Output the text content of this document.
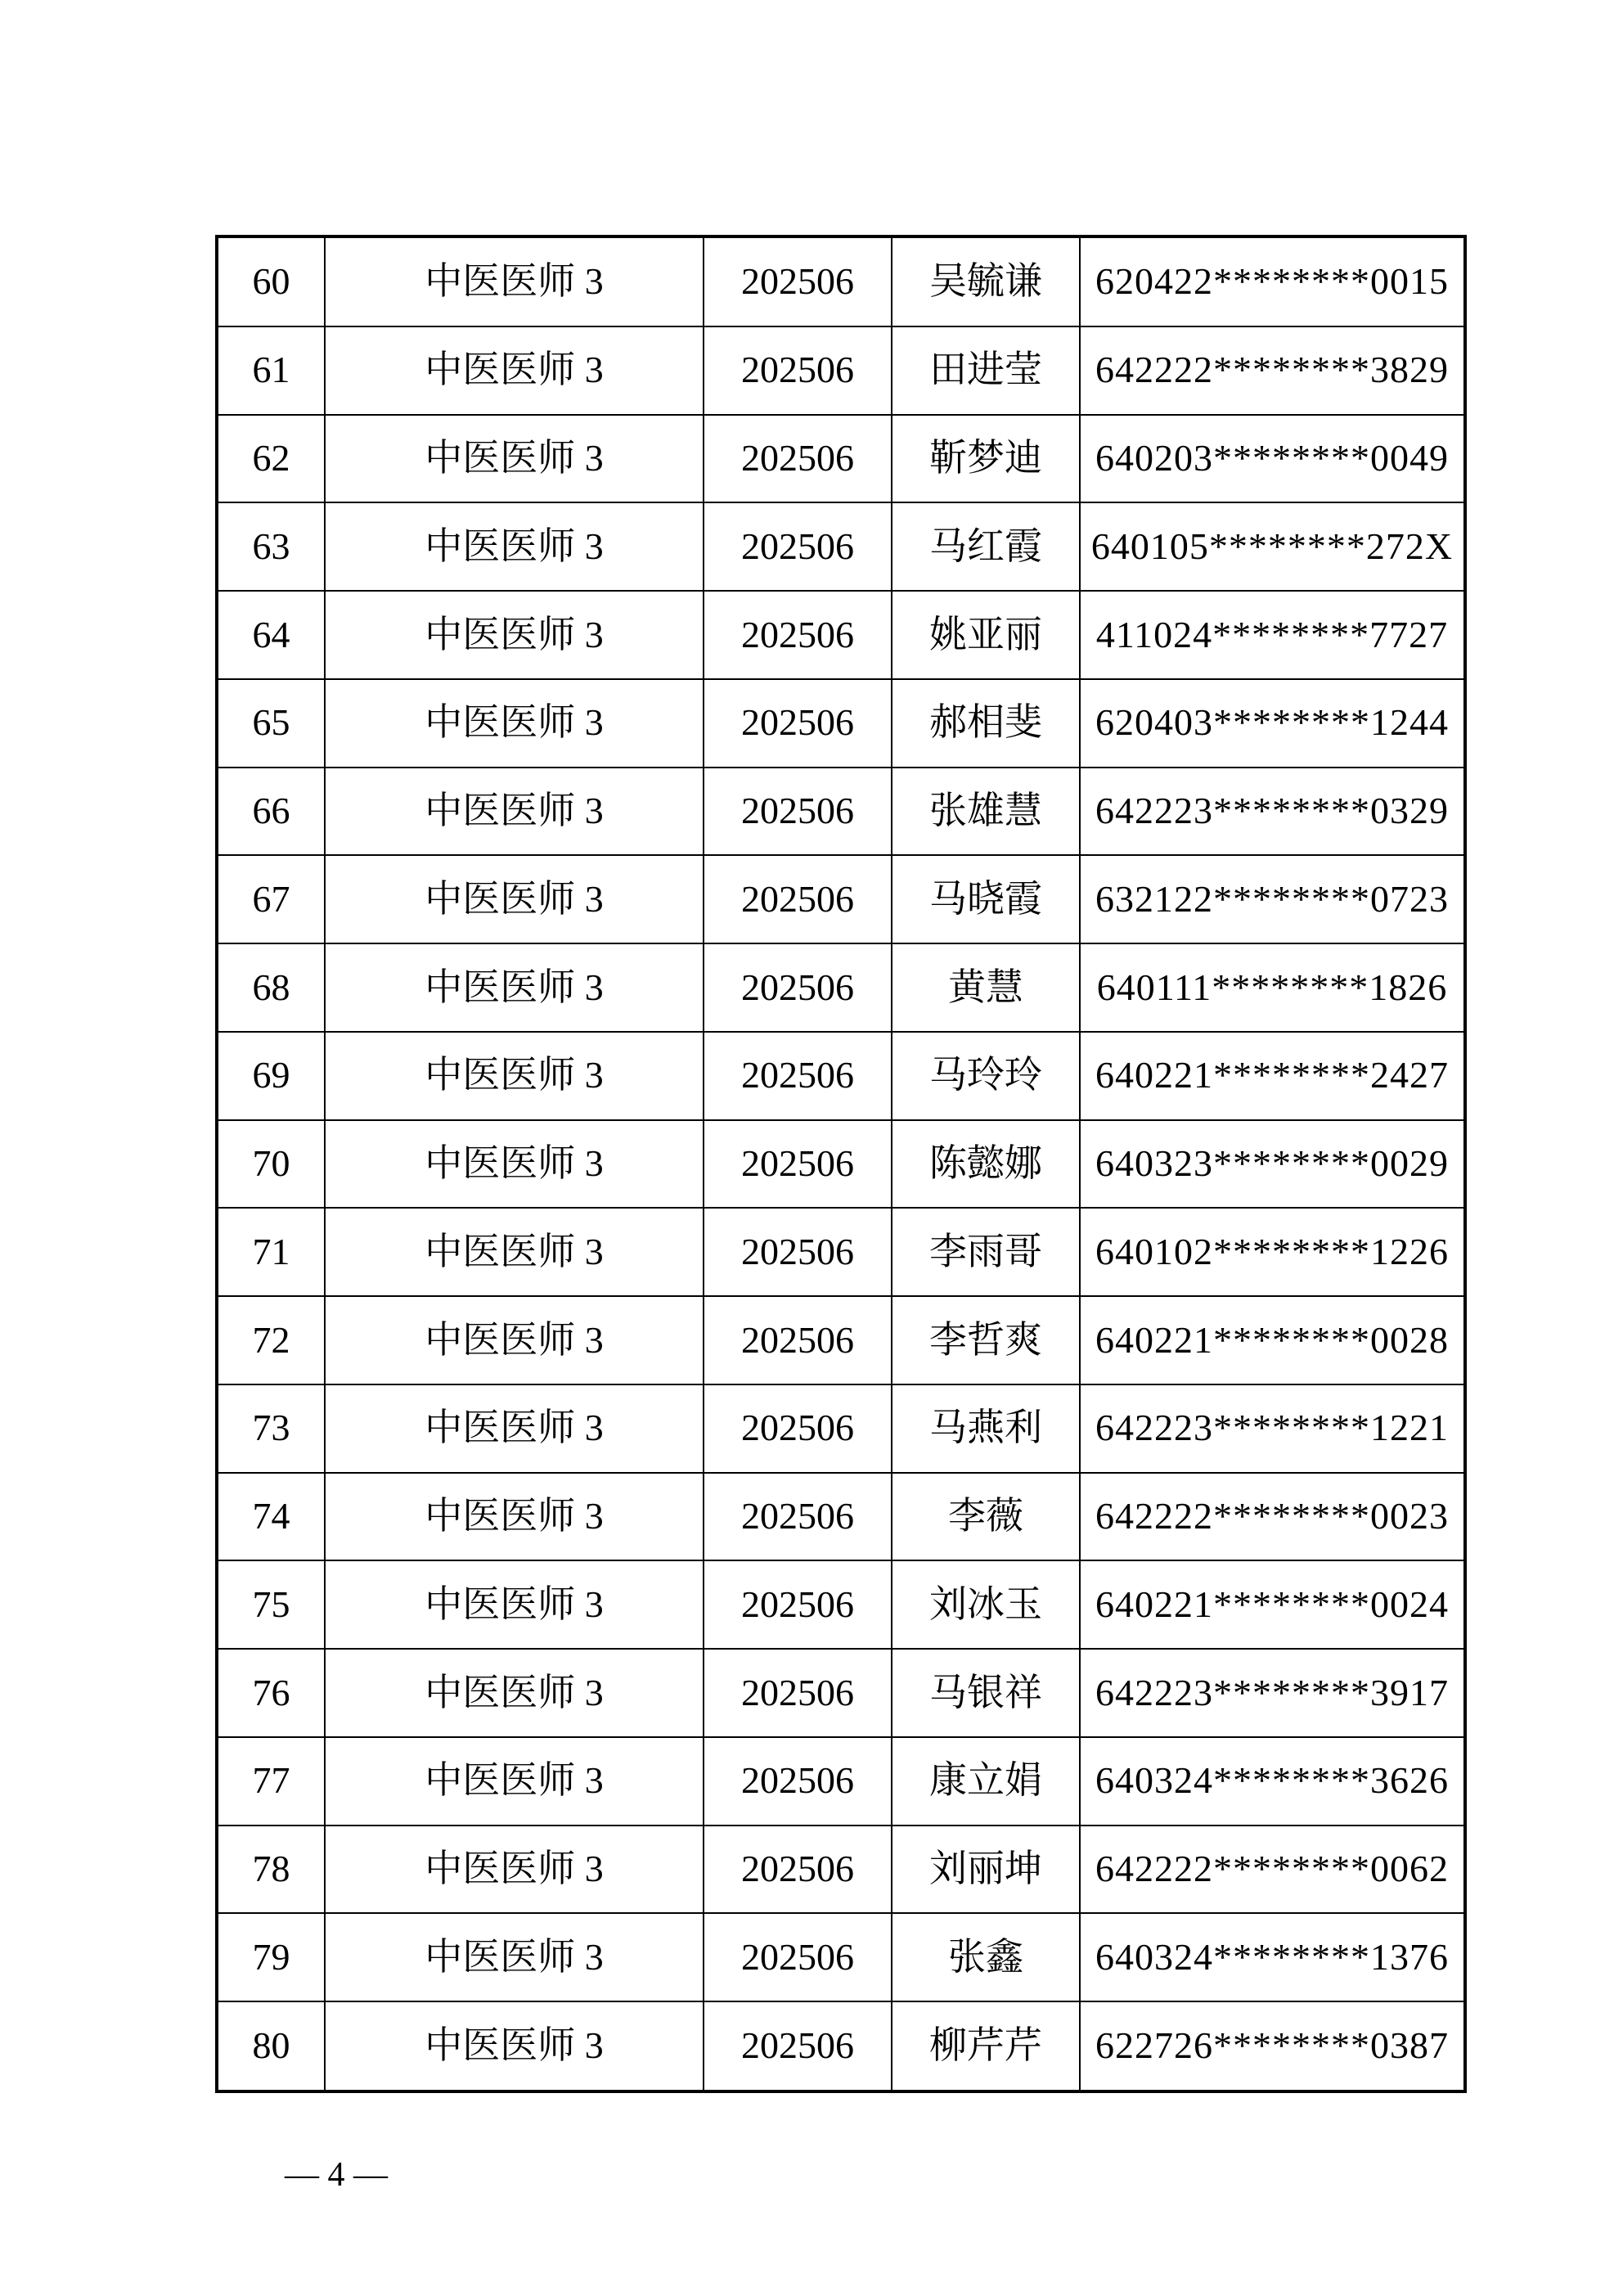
60	中医医师 3	202506	吴毓谦	620422********0015
61	中医医师 3	202506	田进莹	642222********3829
62	中医医师 3	202506	靳梦迪	640203********0049
63	中医医师 3	202506	马红霞	640105********272X
64	中医医师 3	202506	姚亚丽	411024********7727
65	中医医师 3	202506	郝相斐	620403********1244
66	中医医师 3	202506	张雄慧	642223********0329
67	中医医师 3	202506	马晓霞	632122********0723
68	中医医师 3	202506	黄慧	640111********1826
69	中医医师 3	202506	马玲玲	640221********2427
70	中医医师 3	202506	陈懿娜	640323********0029
71	中医医师 3	202506	李雨哥	640102********1226
72	中医医师 3	202506	李哲爽	640221********0028
73	中医医师 3	202506	马燕利	642223********1221
74	中医医师 3	202506	李薇	642222********0023
75	中医医师 3	202506	刘冰玉	640221********0024
76	中医医师 3	202506	马银祥	642223********3917
77	中医医师 3	202506	康立娟	640324********3626
78	中医医师 3	202506	刘丽坤	642222********0062
79	中医医师 3	202506	张鑫	640324********1376
80	中医医师 3	202506	柳芹芹	622726********0387
— 4 —
